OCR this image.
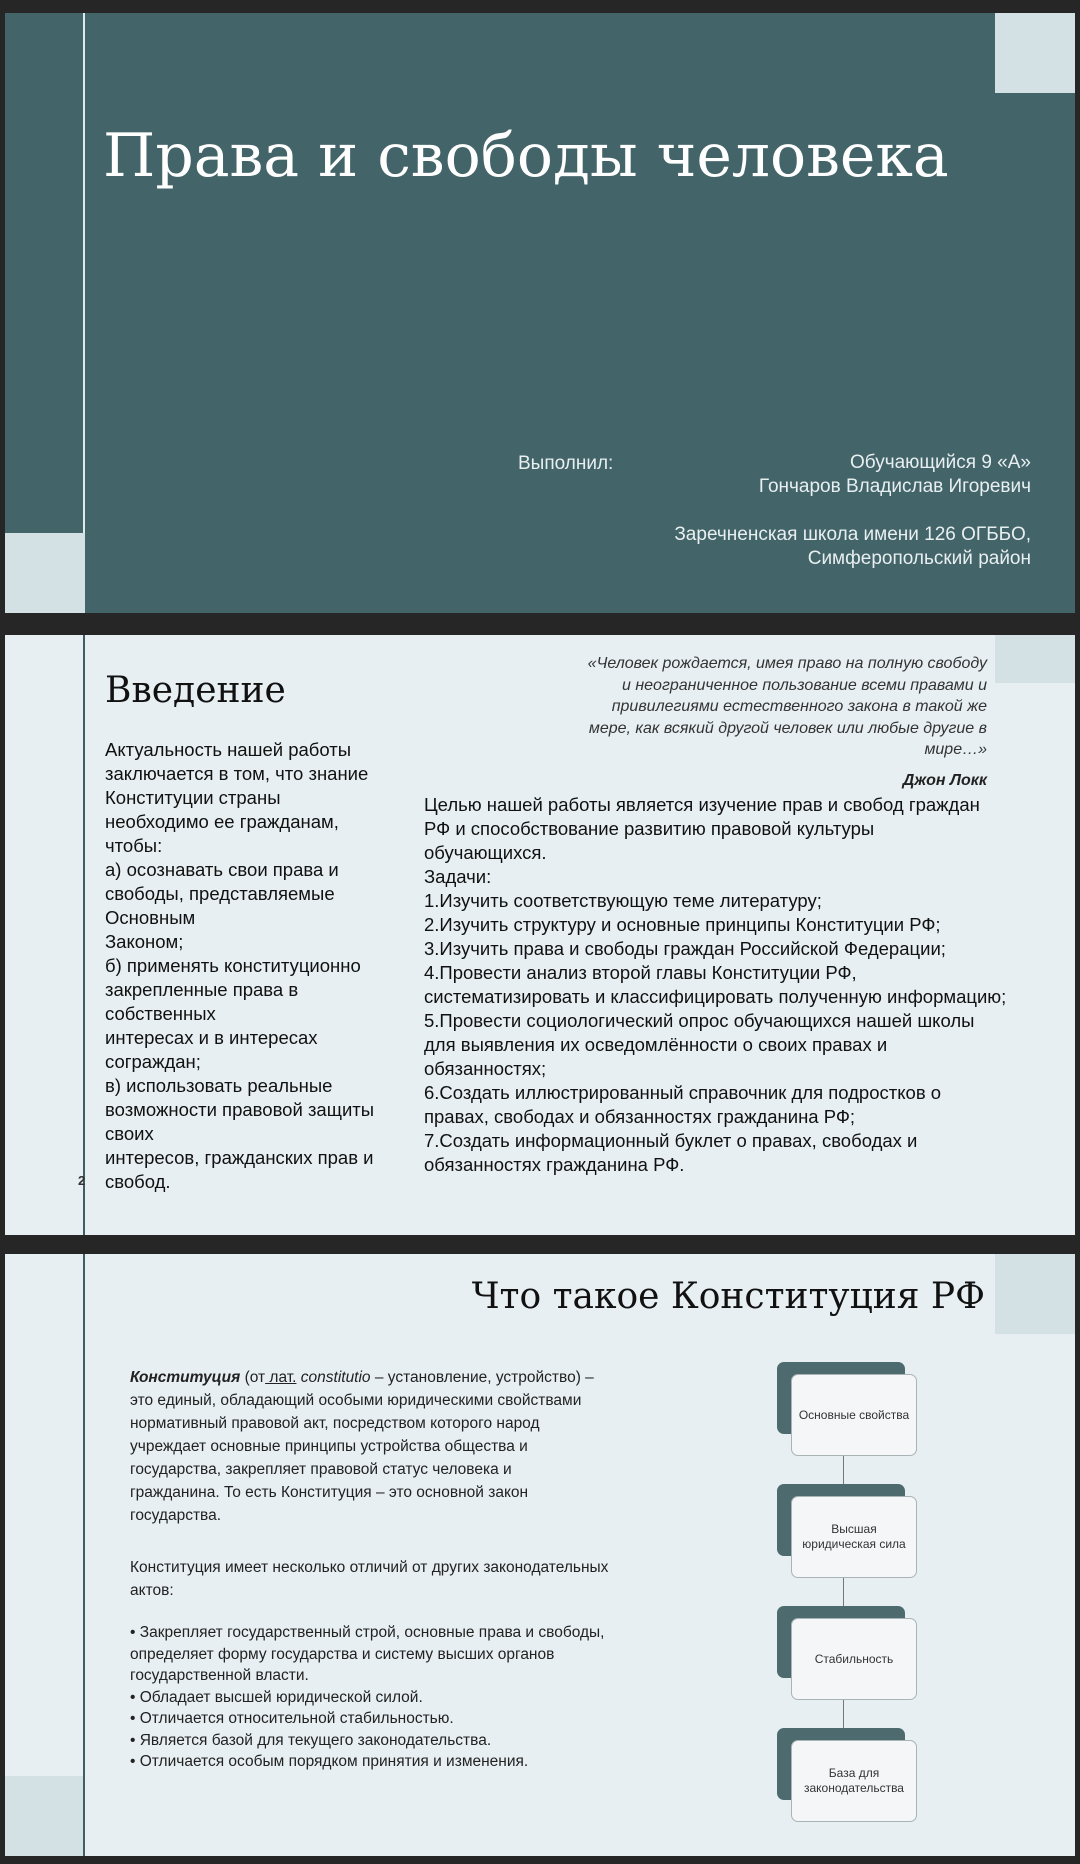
Права и свободы человека
Выполнил:	Обучающийся 9 «А»
Гончаров Владислав Игоревич
Заречненская школа имени 126 ОГББО,
Симферопольский район
Введение
«Человек рождается, имея право на полную свободу
и неограниченное пользование всеми правами и
привилегиями естественного закона в такой же
мере, как всякий другой человек или любые другие в
мире…»
Джон Локк
Актуальность нашей работы
заключается в том, что знание
Конституции страны
необходимо ее гражданам,
чтобы:
а) осознавать свои права и
свободы, представляемые
Основным
Законом;
б) применять конституционно
закрепленные права в
собственных
интересах и в интересах
сограждан;
в) использовать реальные
возможности правовой защиты
своих
интересов, гражданских прав и
свобод.
Целью нашей работы является изучение прав и свобод граждан
РФ и способствование развитию правовой культуры
обучающихся.
Задачи:
1.Изучить соответствующую теме литературу;
2.Изучить структуру и основные принципы Конституции РФ;
3.Изучить права и свободы граждан Российской Федерации;
4.Провести анализ второй главы Конституции РФ,
систематизировать и классифицировать полученную информацию;
5.Провести социологический опрос обучающихся нашей школы
для выявления их осведомлённости о своих правах и
обязанностях;
6.Создать иллюстрированный справочник для подростков о
правах, свободах и обязанностях гражданина РФ;
7.Создать информационный буклет о правах, свободах и
обязанностях гражданина РФ.
2
Что такое Конституция РФ
Конституция (от лат. constitutio – установление, устройство) –
это единый, обладающий особыми юридическими свойствами
нормативный правовой акт, посредством которого народ
учреждает основные принципы устройства общества и
государства, закрепляет правовой статус человека и
гражданина. То есть Конституция – это основной закон
государства.
Конституция имеет несколько отличий от других законодательных
актов:
• Закрепляет государственный строй, основные права и свободы,
определяет форму государства и систему высших органов
государственной власти.
• Обладает высшей юридической силой.
• Отличается относительной стабильностью.
• Является базой для текущего законодательства.
• Отличается особым порядком принятия и изменения.
Основные свойства
Высшая юридическая сила
Стабильность
База для законодательства
